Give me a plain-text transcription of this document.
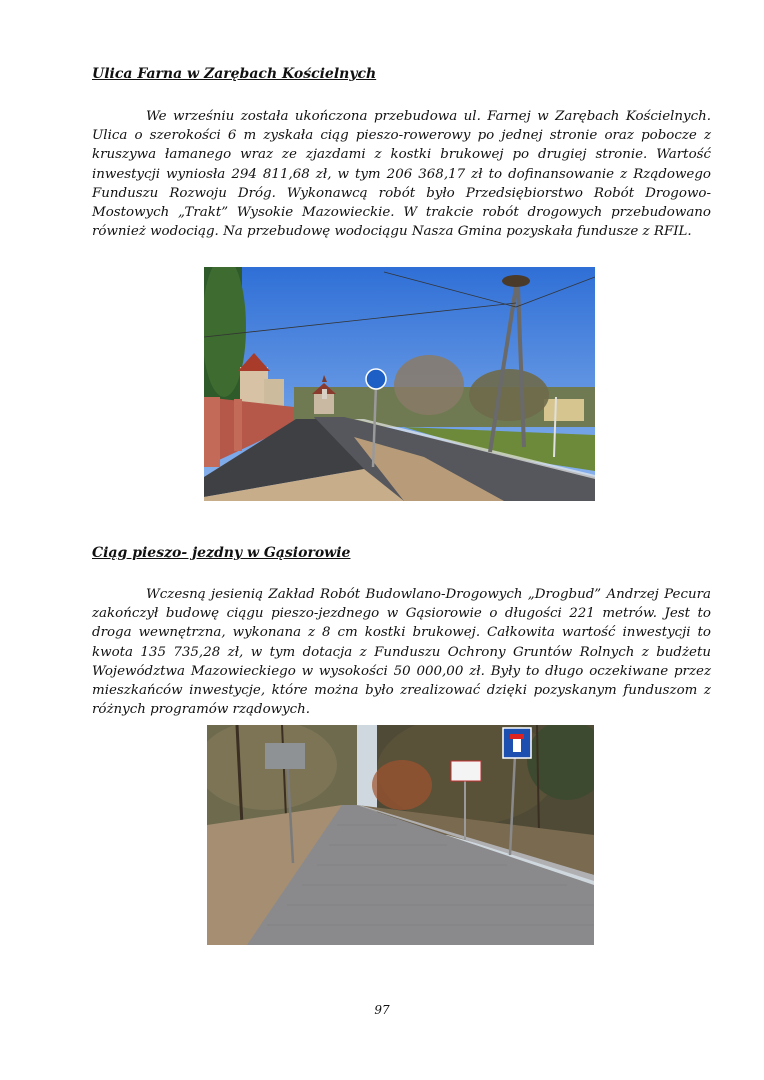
Ulica Farna w Zarębach Kościelnych

We wrześniu została ukończona przebudowa ul. Farnej w Zarębach Kościelnych. Ulica o szerokości 6 m zyskała ciąg pieszo-rowerowy po jednej stronie oraz pobocze z kruszywa łamanego wraz ze zjazdami z kostki brukowej po drugiej stronie. Wartość inwestycji wyniosła 294 811,68 zł, w tym 206 368,17 zł to dofinansowanie z Rządowego Funduszu Rozwoju Dróg. Wykonawcą robót było Przedsiębiorstwo Robót Drogowo-Mostowych „Trakt” Wysokie Mazowieckie. W trakcie robót drogowych przebudowano również wodociąg. Na przebudowę wodociągu Nasza Gmina pozyskała fundusze z RFIL.

Ciąg pieszo- jezdny w Gąsiorowie

Wczesną jesienią Zakład Robót Budowlano-Drogowych „Drogbud” Andrzej Pecura zakończył budowę ciągu pieszo-jezdnego w Gąsiorowie o długości 221 metrów. Jest to droga wewnętrzna, wykonana z 8 cm kostki brukowej. Całkowita wartość inwestycji to kwota 135 735,28 zł, w tym dotacja z Funduszu Ochrony Gruntów Rolnych z budżetu Województwa Mazowieckiego w wysokości 50 000,00 zł. Były to długo oczekiwane przez mieszkańców inwestycje, które można było zrealizować dzięki pozyskanym funduszom z różnych programów rządowych.

97
